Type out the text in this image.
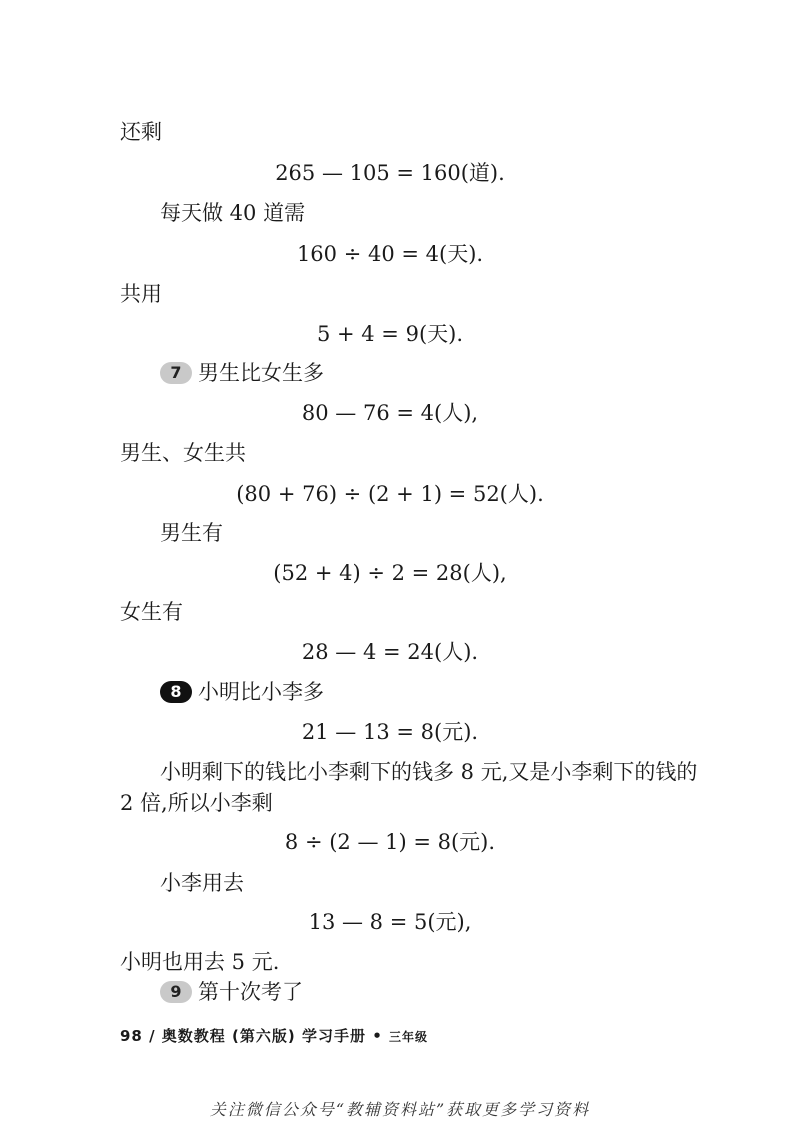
还剩
265 — 105 = 160(道).
每天做 40 道需
160 ÷ 40 = 4(天).
共用
5 + 4 = 9(天).
7 男生比女生多
80 — 76 = 4(人),
男生、女生共
(80 + 76) ÷ (2 + 1) = 52(人).
男生有
(52 + 4) ÷ 2 = 28(人),
女生有
28 — 4 = 24(人).
8 小明比小李多
21 — 13 = 8(元).
小明剩下的钱比小李剩下的钱多 8 元,又是小李剩下的钱的
2 倍,所以小李剩
8 ÷ (2 — 1) = 8(元).
小李用去
13 — 8 = 5(元),
小明也用去 5 元.
9 第十次考了
98 / 奥数教程 (第六版) 学习手册 • 三年级
关注微信公众号“教辅资料站”获取更多学习资料
